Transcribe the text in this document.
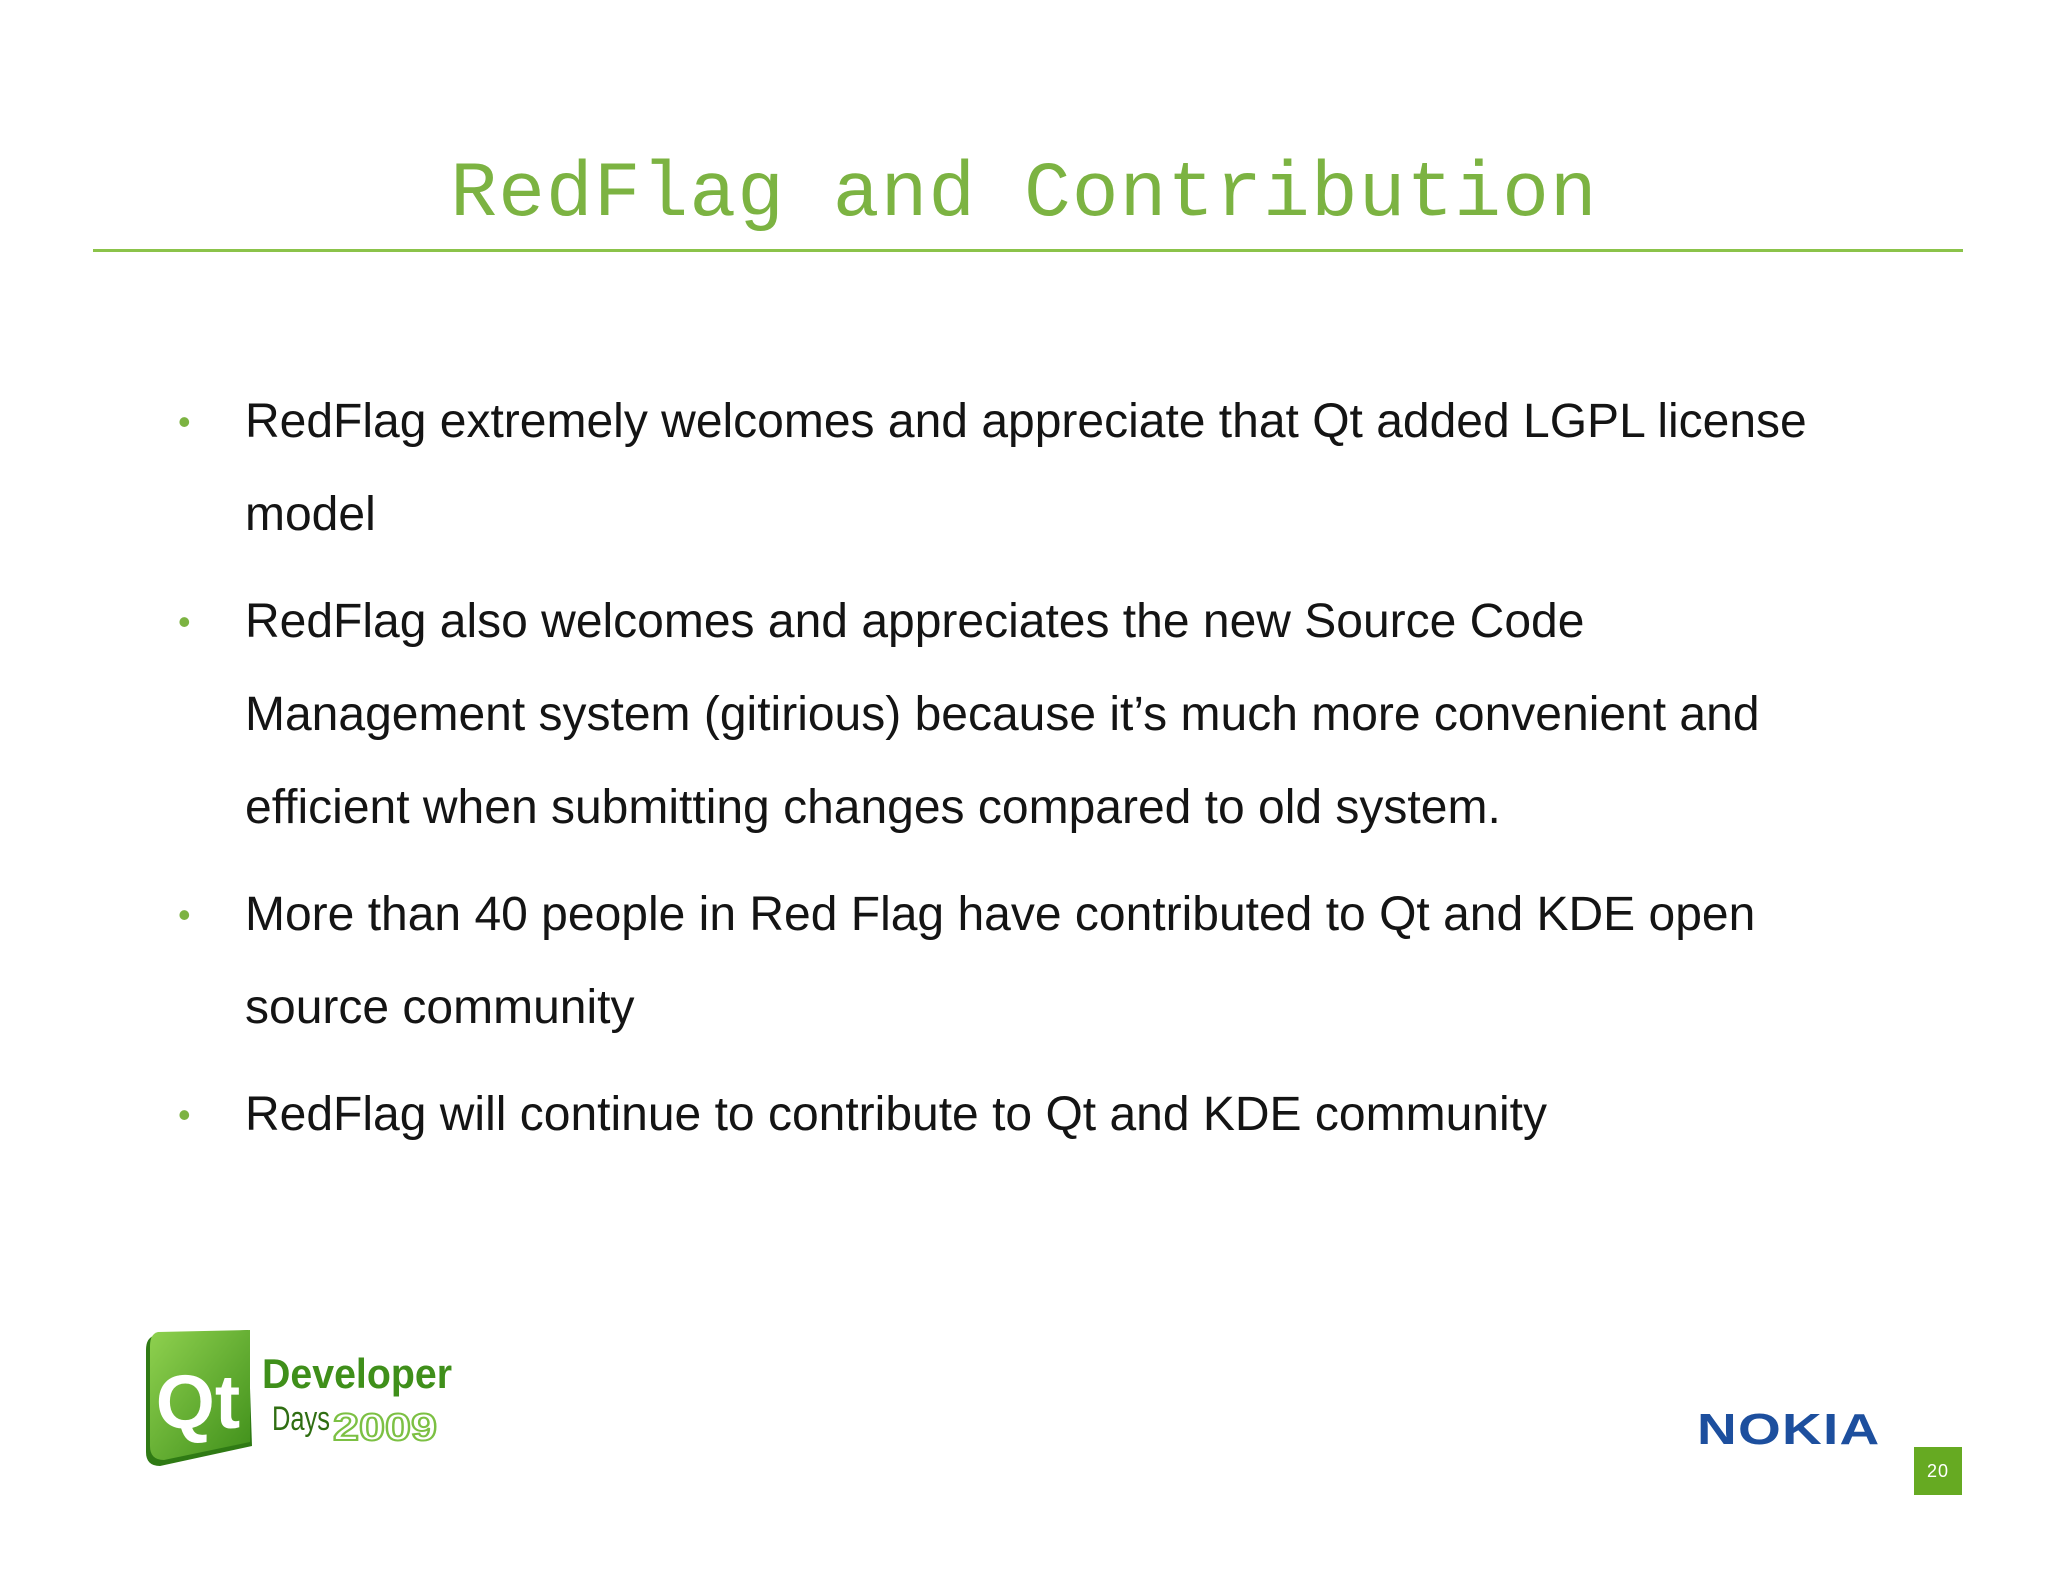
RedFlag and Contribution
• RedFlag extremely welcomes and appreciate that Qt added LGPL license model
• RedFlag also welcomes and appreciates the new Source Code Management system (gitirious) because it’s much more convenient and efficient when submitting changes compared to old system.
• More than 40 people in Red Flag have contributed to Qt and KDE open source community
• RedFlag will continue to contribute to Qt and KDE community
Qt Developer
Days 2009	NOKIA
20
